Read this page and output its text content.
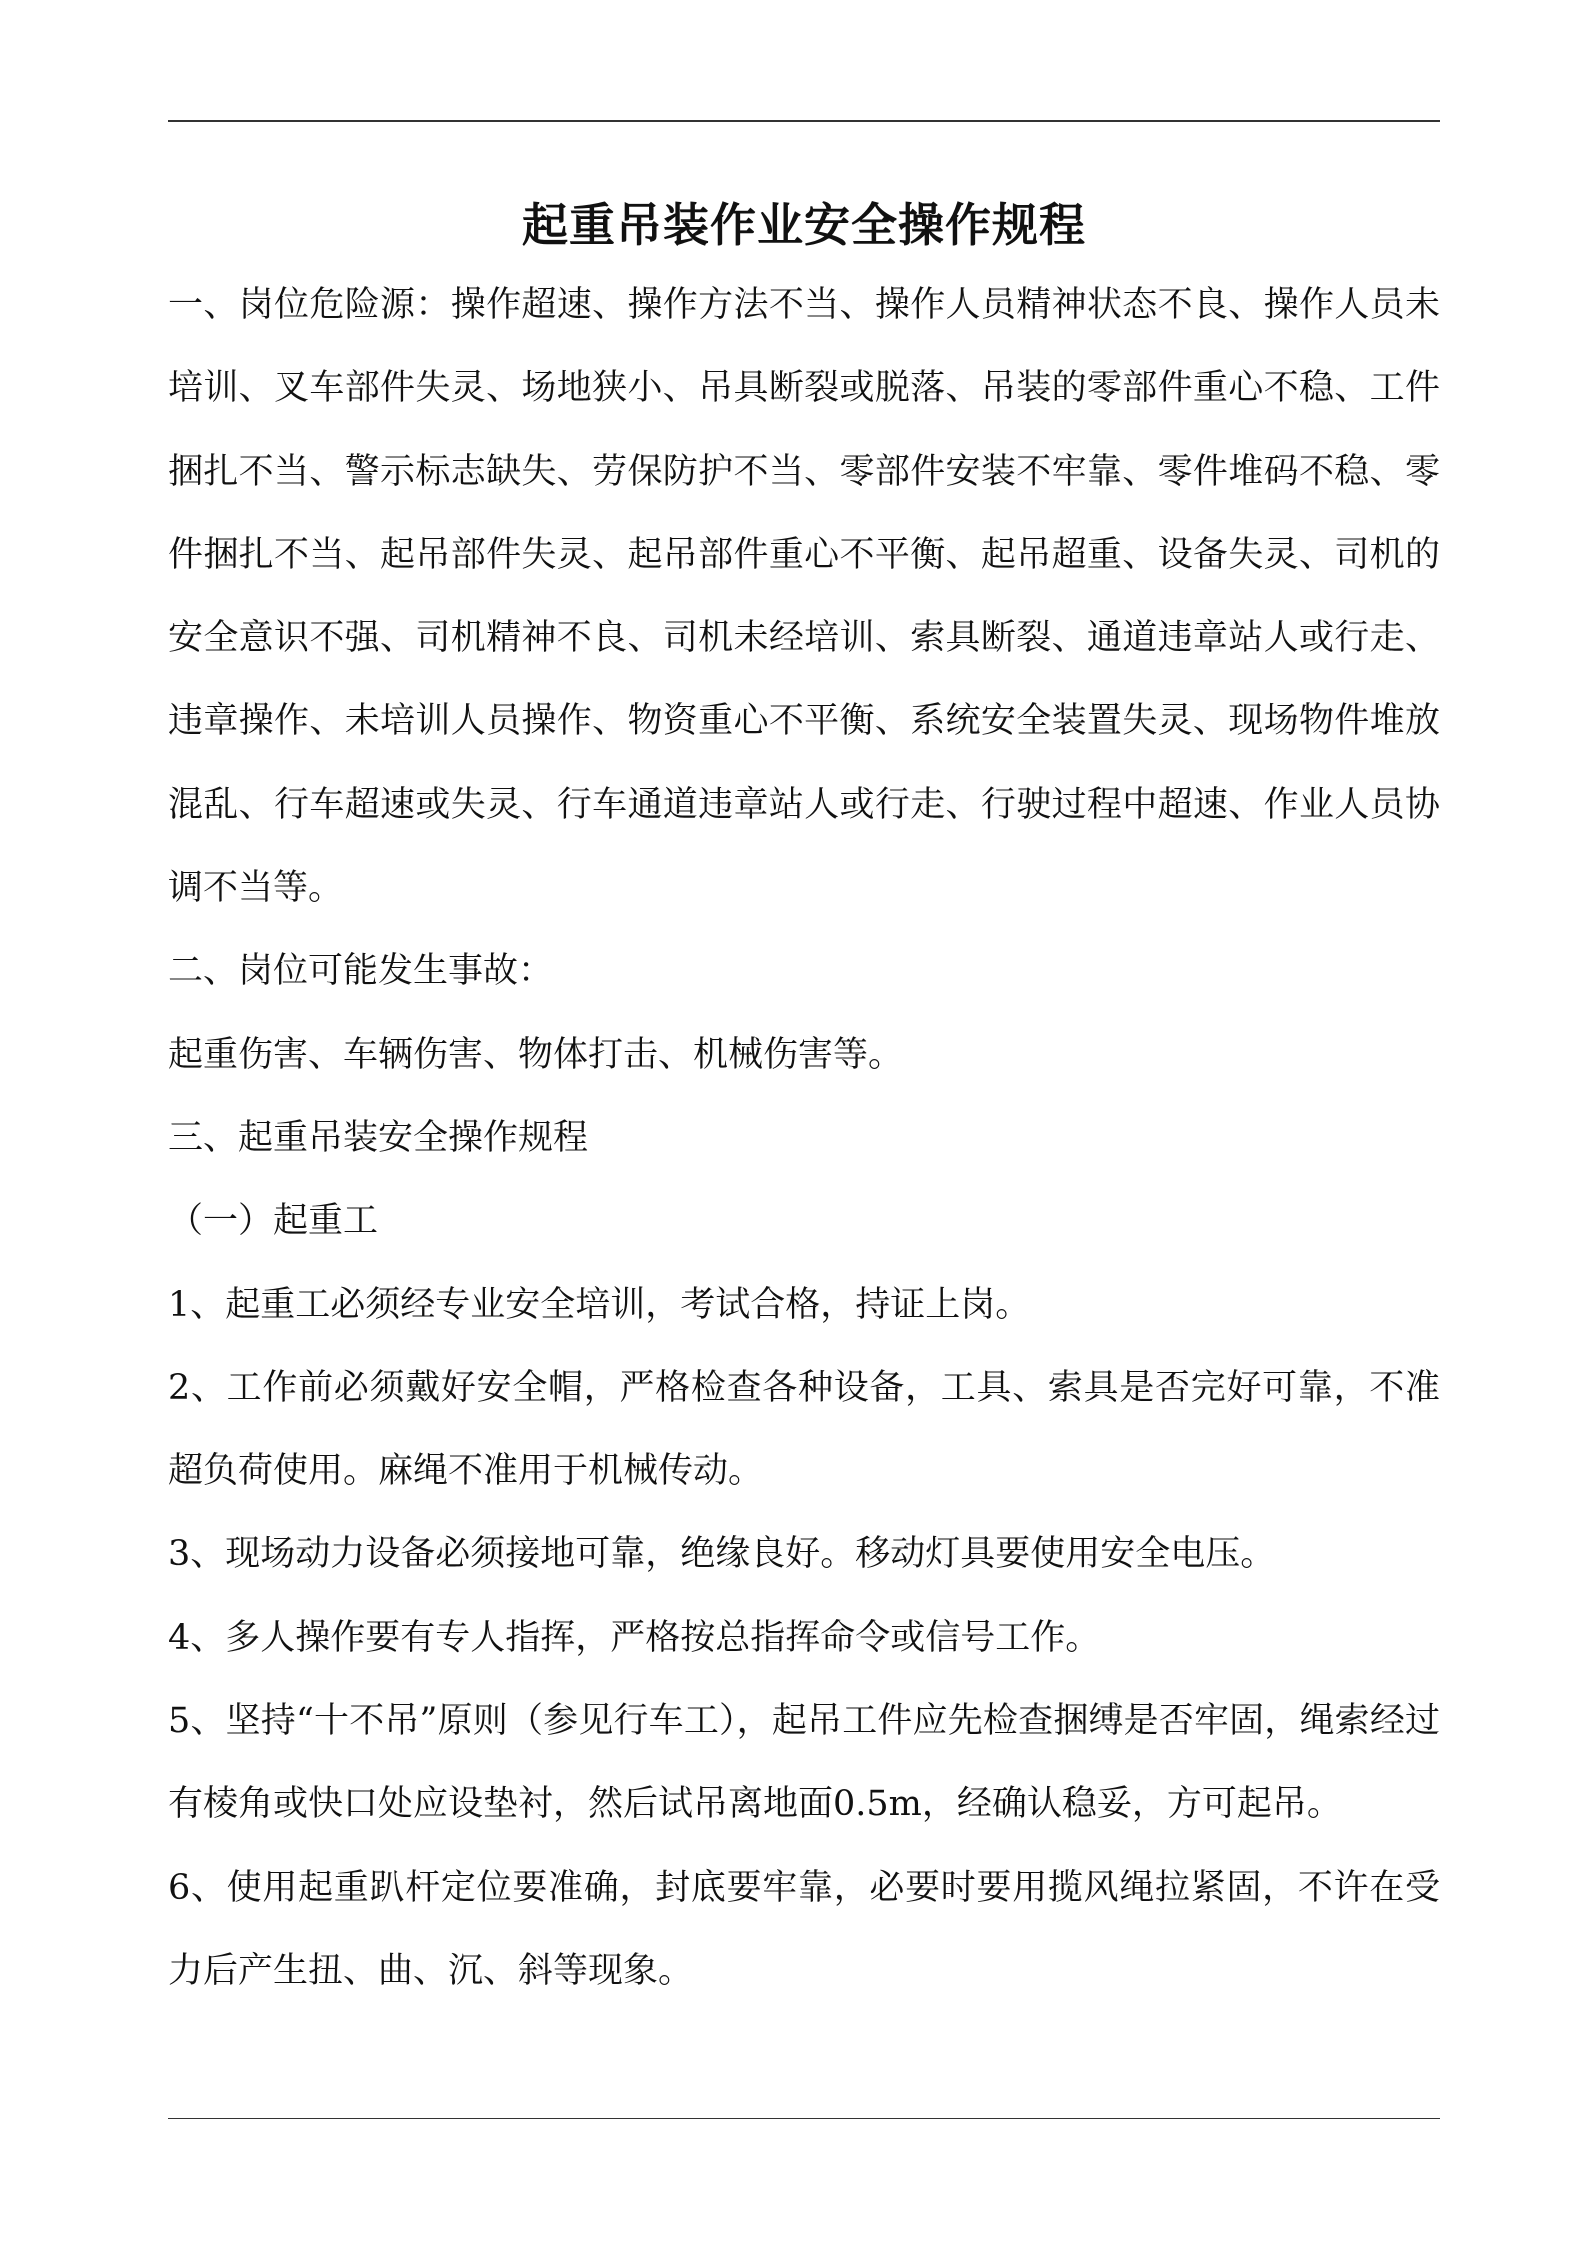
起重吊装作业安全操作规程

一、岗位危险源：操作超速、操作方法不当、操作人员精神状态不良、操作人员未培训、叉车部件失灵、场地狭小、吊具断裂或脱落、吊装的零部件重心不稳、工件捆扎不当、警示标志缺失、劳保防护不当、零部件安装不牢靠、零件堆码不稳、零件捆扎不当、起吊部件失灵、起吊部件重心不平衡、起吊超重、设备失灵、司机的安全意识不强、司机精神不良、司机未经培训、索具断裂、通道违章站人或行走、违章操作、未培训人员操作、物资重心不平衡、系统安全装置失灵、现场物件堆放混乱、行车超速或失灵、行车通道违章站人或行走、行驶过程中超速、作业人员协调不当等。

二、岗位可能发生事故：

起重伤害、车辆伤害、物体打击、机械伤害等。

三、起重吊装安全操作规程

（一）起重工

1、起重工必须经专业安全培训，考试合格，持证上岗。

2、工作前必须戴好安全帽，严格检查各种设备，工具、索具是否完好可靠，不准超负荷使用。麻绳不准用于机械传动。

3、现场动力设备必须接地可靠，绝缘良好。移动灯具要使用安全电压。

4、多人操作要有专人指挥，严格按总指挥命令或信号工作。

5、坚持“十不吊”原则（参见行车工），起吊工件应先检查捆缚是否牢固，绳索经过有棱角或快口处应设垫衬，然后试吊离地面0.5m，经确认稳妥，方可起吊。

6、使用起重趴杆定位要准确，封底要牢靠，必要时要用揽风绳拉紧固，不许在受力后产生扭、曲、沉、斜等现象。
